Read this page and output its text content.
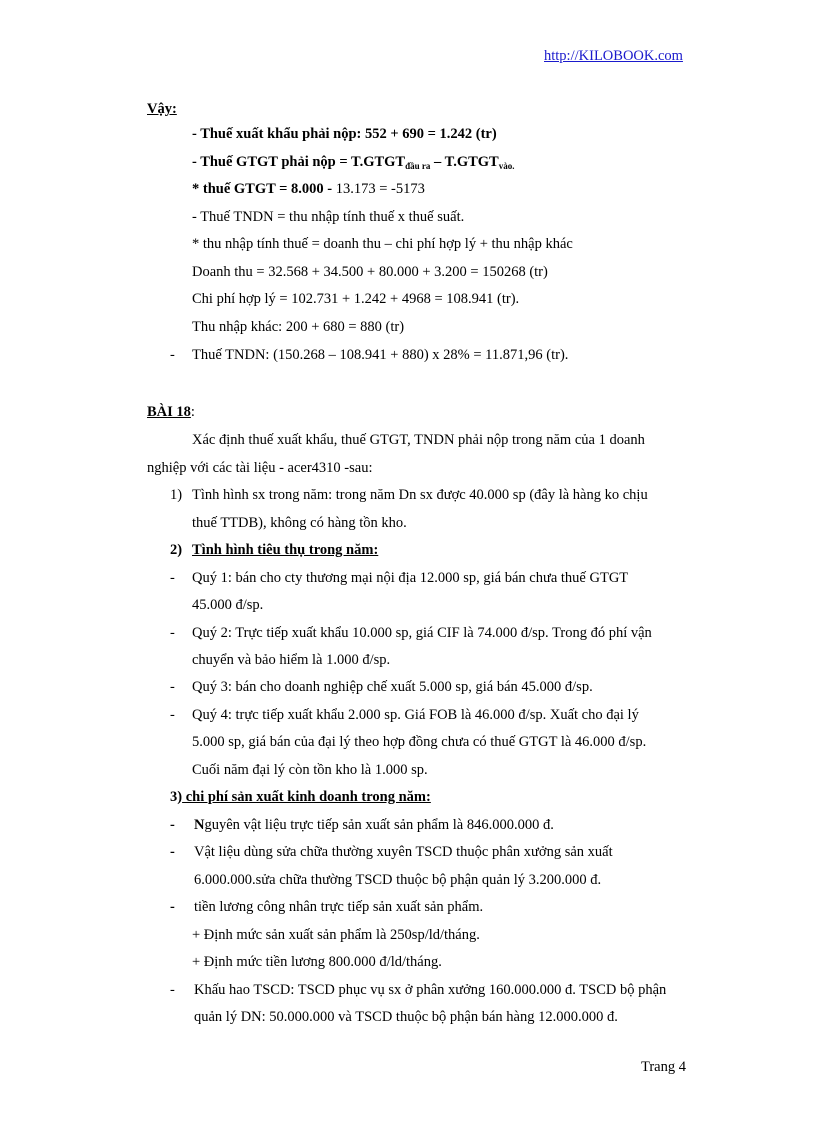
http://KILOBOOK.com
Vậy:
- Thuế xuất khẩu phải nộp: 552 + 690 = 1.242 (tr)
- Thuế GTGT phải nộp = $T.GTGT_{đầu ra}$ – $T.GTGT_{vào.}$
* thuế GTGT = 8.000 - 13.173 = -5173
- Thuế TNDN = thu nhập tính thuế x thuế suất.
* thu nhập tính thuế = doanh thu – chi phí hợp lý + thu nhập khác
Doanh thu = 32.568 + 34.500 + 80.000 + 3.200 = 150268 (tr)
Chi phí hợp lý = 102.731 + 1.242 + 4968 = 108.941 (tr).
Thu nhập khác: 200 + 680 = 880 (tr)
- Thuế TNDN: (150.268 – 108.941 + 880) x 28% = 11.871,96 (tr).
BÀI 18:
Xác định thuế xuất khẩu, thuế GTGT, TNDN phải nộp trong năm của 1 doanh
nghiệp với các tài liệu - acer4310 -sau:
1) Tình hình sx trong năm: trong năm Dn sx được 40.000 sp (đây là hàng ko chịu
thuế TTDB), không có hàng tồn kho.
2) Tình hình tiêu thụ trong năm:
- Quý 1: bán cho cty thương mại nội địa 12.000 sp, giá bán chưa thuế GTGT
45.000 đ/sp.
- Quý 2: Trực tiếp xuất khẩu 10.000 sp, giá CIF là 74.000 đ/sp. Trong đó phí vận
chuyển và bảo hiểm là 1.000 đ/sp.
- Quý 3: bán cho doanh nghiệp chế xuất 5.000 sp, giá bán 45.000 đ/sp.
- Quý 4: trực tiếp xuất khẩu 2.000 sp. Giá FOB là 46.000 đ/sp. Xuất cho đại lý
5.000 sp, giá bán của đại lý theo hợp đồng chưa có thuế GTGT là 46.000 đ/sp.
Cuối năm đại lý còn tồn kho là 1.000 sp.
3) chi phí sản xuất kinh doanh trong năm:
- Nguyên vật liệu trực tiếp sản xuất sản phẩm là 846.000.000 đ.
- Vật liệu dùng sửa chữa thường xuyên TSCD thuộc phân xưởng sản xuất
6.000.000.sửa chữa thường TSCD thuộc bộ phận quản lý 3.200.000 đ.
- tiền lương công nhân trực tiếp sản xuất sản phẩm.
+ Định mức sản xuất sản phẩm là 250sp/ld/tháng.
+ Định mức tiền lương 800.000 đ/ld/tháng.
- Khấu hao TSCD: TSCD phục vụ sx ở phân xưởng 160.000.000 đ. TSCD bộ phận
quản lý DN: 50.000.000 và TSCD thuộc bộ phận bán hàng 12.000.000 đ.
Trang 4
